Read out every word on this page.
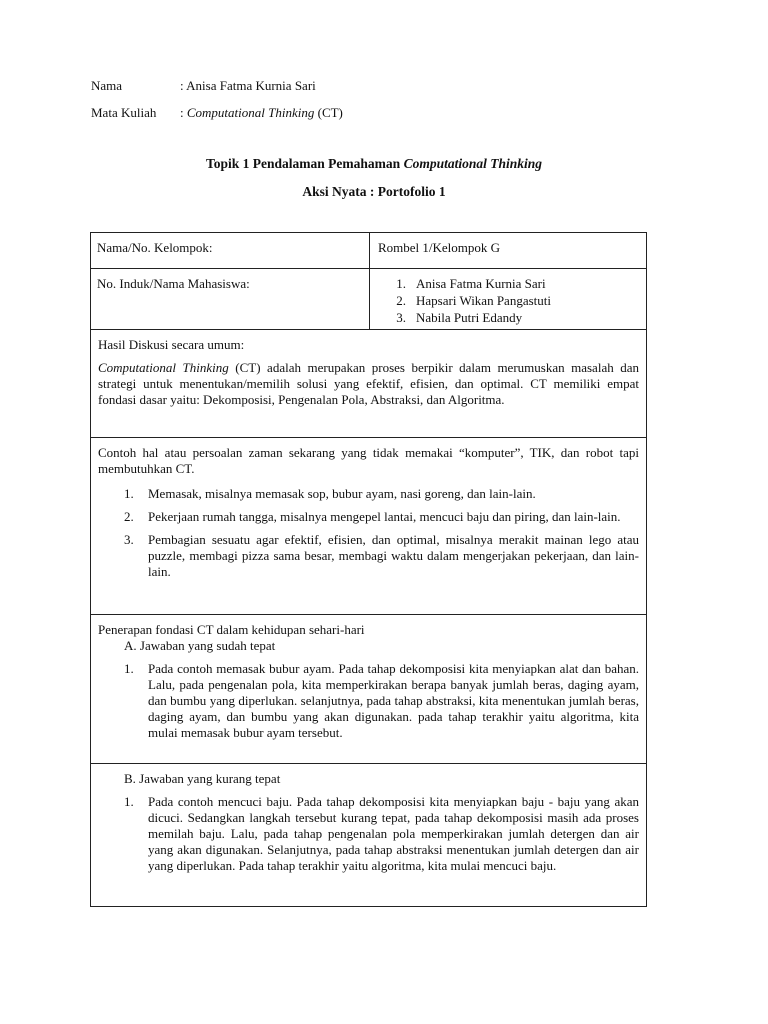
Nama	: Anisa Fatma Kurnia Sari
Mata Kuliah	: Computational Thinking (CT)
Topik 1 Pendalaman Pemahaman Computational Thinking
Aksi Nyata : Portofolio 1
Nama/No. Kelompok:	Rombel 1/Kelompok G
No. Induk/Nama Mahasiswa:	1. Anisa Fatma Kurnia Sari
2. Hapsari Wikan Pangastuti
3. Nabila Putri Edandy

Hasil Diskusi secara umum:

Computational Thinking (CT) adalah merupakan proses berpikir dalam merumuskan masalah dan strategi untuk menentukan/memilih solusi yang efektif, efisien, dan optimal. CT memiliki empat fondasi dasar yaitu: Dekomposisi, Pengenalan Pola, Abstraksi, dan Algoritma.

Contoh hal atau persoalan zaman sekarang yang tidak memakai “komputer”, TIK, dan robot tapi membutuhkan CT.

1.	Memasak, misalnya memasak sop, bubur ayam, nasi goreng, dan lain-lain.
2.	Pekerjaan rumah tangga, misalnya mengepel lantai, mencuci baju dan piring, dan lain-lain.
3.	Pembagian sesuatu agar efektif, efisien, dan optimal, misalnya merakit mainan lego atau puzzle, membagi pizza sama besar, membagi waktu dalam mengerjakan pekerjaan, dan lain-lain.

Penerapan fondasi CT dalam kehidupan sehari-hari

A. Jawaban yang sudah tepat

1.	Pada contoh memasak bubur ayam. Pada tahap dekomposisi kita menyiapkan alat dan bahan. Lalu, pada pengenalan pola, kita memperkirakan berapa banyak jumlah beras, daging ayam, dan bumbu yang diperlukan. selanjutnya, pada tahap abstraksi, kita menentukan jumlah beras, daging ayam, dan bumbu yang akan digunakan. pada tahap terakhir yaitu algoritma, kita mulai memasak bubur ayam tersebut.

B. Jawaban yang kurang tepat

1.	Pada contoh mencuci baju. Pada tahap dekomposisi kita menyiapkan baju - baju yang akan dicuci. Sedangkan langkah tersebut kurang tepat, pada tahap dekomposisi masih ada proses memilah baju. Lalu, pada tahap pengenalan pola memperkirakan jumlah detergen dan air yang akan digunakan. Selanjutnya, pada tahap abstraksi menentukan jumlah detergen dan air yang diperlukan. Pada tahap terakhir yaitu algoritma, kita mulai mencuci baju.
